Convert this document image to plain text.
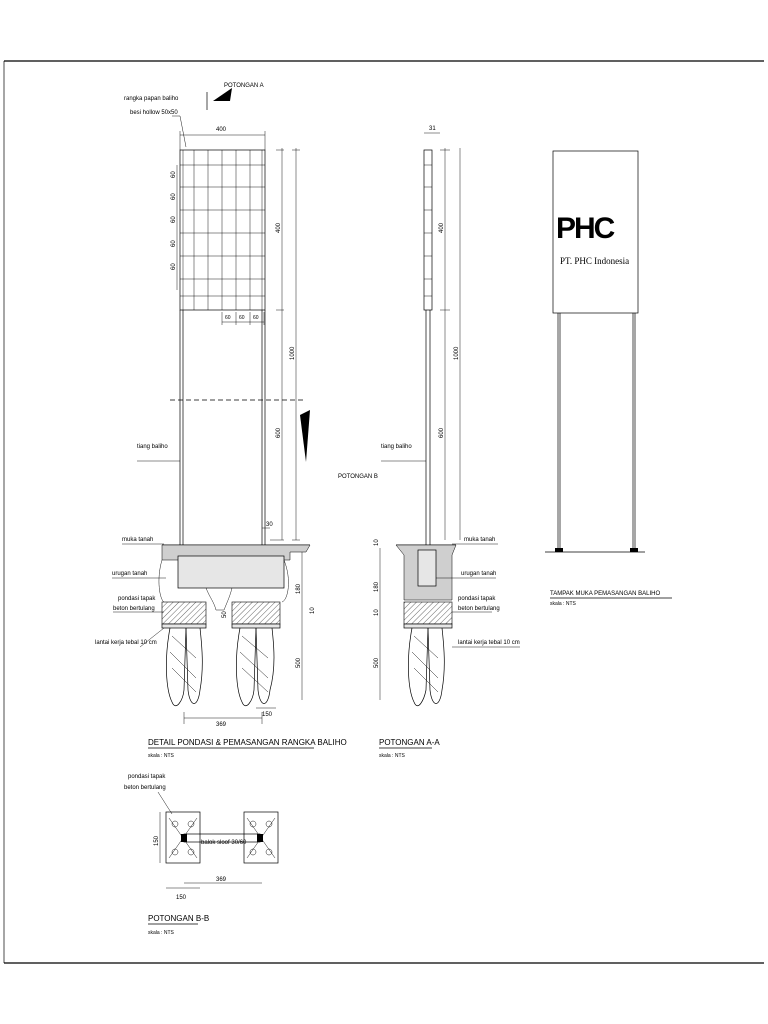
POTONGAN A
rangka papan baliho
besi hollow 50x50
400
60
60
60
60
60
60 60 60
400
1000
600
POTONGAN B
tiang baliho
30
muka tanah
urugan tanah
pondasi tapak
beton bertulang
lantai kerja tebal 10 cm
180
10
500
50
369
150
DETAIL PONDASI & PEMASANGAN RANGKA BALIHO
skala : NTS
31
400
1000
600
tiang baliho
muka tanah
urugan tanah
pondasi tapak
beton bertulang
lantai kerja tebal 10 cm
10
180
10
500
POTONGAN A-A
skala : NTS
PHC
PT. PHC Indonesia
TAMPAK MUKA PEMASANGAN BALIHO
skala : NTS
pondasi tapak
beton bertulang
balok sloof 30/60
150
150
369
POTONGAN B-B
skala : NTS
